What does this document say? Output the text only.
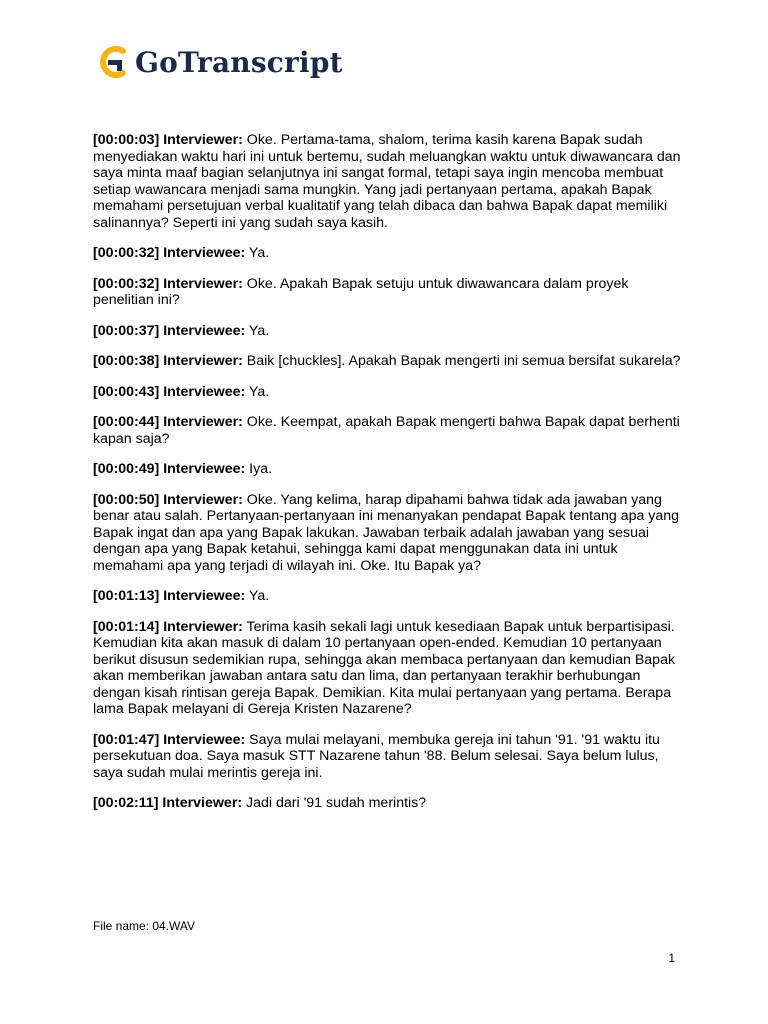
GoTranscript

[00:00:03] Interviewer: Oke. Pertama-tama, shalom, terima kasih karena Bapak sudah menyediakan waktu hari ini untuk bertemu, sudah meluangkan waktu untuk diwawancara dan saya minta maaf bagian selanjutnya ini sangat formal, tetapi saya ingin mencoba membuat setiap wawancara menjadi sama mungkin. Yang jadi pertanyaan pertama, apakah Bapak memahami persetujuan verbal kualitatif yang telah dibaca dan bahwa Bapak dapat memiliki salinannya? Seperti ini yang sudah saya kasih.

[00:00:32] Interviewee: Ya.

[00:00:32] Interviewer: Oke. Apakah Bapak setuju untuk diwawancara dalam proyek penelitian ini?

[00:00:37] Interviewee: Ya.

[00:00:38] Interviewer: Baik [chuckles]. Apakah Bapak mengerti ini semua bersifat sukarela?

[00:00:43] Interviewee: Ya.

[00:00:44] Interviewer: Oke. Keempat, apakah Bapak mengerti bahwa Bapak dapat berhenti kapan saja?

[00:00:49] Interviewee: Iya.

[00:00:50] Interviewer: Oke. Yang kelima, harap dipahami bahwa tidak ada jawaban yang benar atau salah. Pertanyaan-pertanyaan ini menanyakan pendapat Bapak tentang apa yang Bapak ingat dan apa yang Bapak lakukan. Jawaban terbaik adalah jawaban yang sesuai dengan apa yang Bapak ketahui, sehingga kami dapat menggunakan data ini untuk memahami apa yang terjadi di wilayah ini. Oke. Itu Bapak ya?

[00:01:13] Interviewee: Ya.

[00:01:14] Interviewer: Terima kasih sekali lagi untuk kesediaan Bapak untuk berpartisipasi. Kemudian kita akan masuk di dalam 10 pertanyaan open-ended. Kemudian 10 pertanyaan berikut disusun sedemikian rupa, sehingga akan membaca pertanyaan dan kemudian Bapak akan memberikan jawaban antara satu dan lima, dan pertanyaan terakhir berhubungan dengan kisah rintisan gereja Bapak. Demikian. Kita mulai pertanyaan yang pertama. Berapa lama Bapak melayani di Gereja Kristen Nazarene?

[00:01:47] Interviewee: Saya mulai melayani, membuka gereja ini tahun '91. '91 waktu itu persekutuan doa. Saya masuk STT Nazarene tahun '88. Belum selesai. Saya belum lulus, saya sudah mulai merintis gereja ini.

[00:02:11] Interviewer: Jadi dari '91 sudah merintis?

File name: 04.WAV
1
